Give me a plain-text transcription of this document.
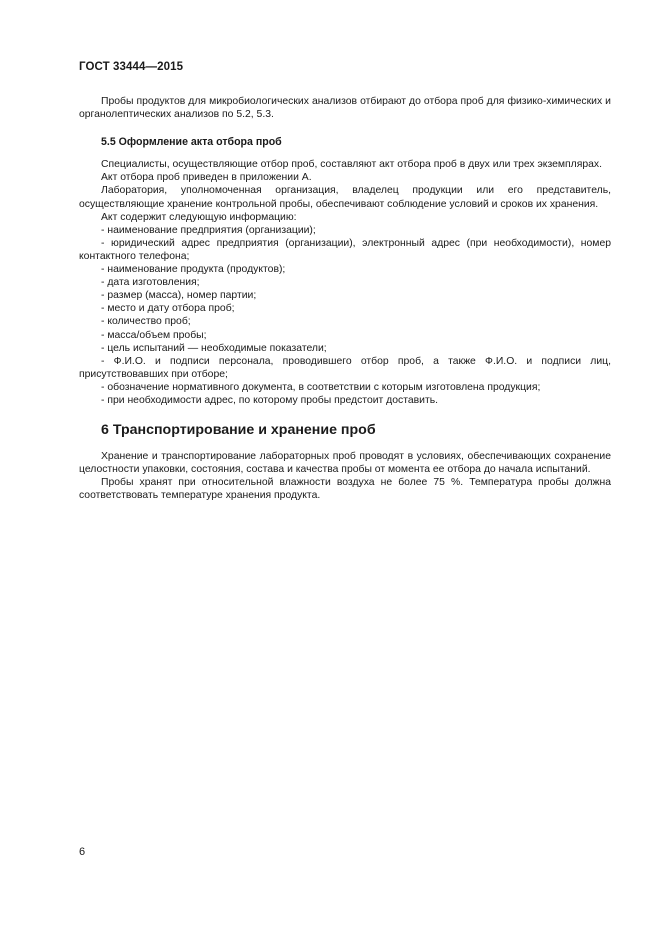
ГОСТ 33444—2015

Пробы продуктов для микробиологических анализов отбирают до отбора проб для физико-химических и органолептических анализов по 5.2, 5.3.

5.5 Оформление акта отбора проб

Специалисты, осуществляющие отбор проб, составляют акт отбора проб в двух или трех экземплярах.

Акт отбора проб приведен в приложении А.

Лаборатория, уполномоченная организация, владелец продукции или его представитель, осуществляющие хранение контрольной пробы, обеспечивают соблюдение условий и сроков их хранения.

Акт содержит следующую информацию:

- наименование предприятия (организации);

- юридический адрес предприятия (организации), электронный адрес (при необходимости), номер контактного телефона;

- наименование продукта (продуктов);

- дата изготовления;

- размер (масса), номер партии;

- место и дату отбора проб;

- количество проб;

- масса/объем пробы;

- цель испытаний — необходимые показатели;

- Ф.И.О. и подписи персонала, проводившего отбор проб, а также Ф.И.О. и подписи лиц, присутствовавших при отборе;

- обозначение нормативного документа, в соответствии с которым изготовлена продукция;

- при необходимости адрес, по которому пробы предстоит доставить.

6 Транспортирование и хранение проб

Хранение и транспортирование лабораторных проб проводят в условиях, обеспечивающих сохранение целостности упаковки, состояния, состава и качества пробы от момента ее отбора до начала испытаний.

Пробы хранят при относительной влажности воздуха не более 75 %. Температура пробы должна соответствовать температуре хранения продукта.

6
